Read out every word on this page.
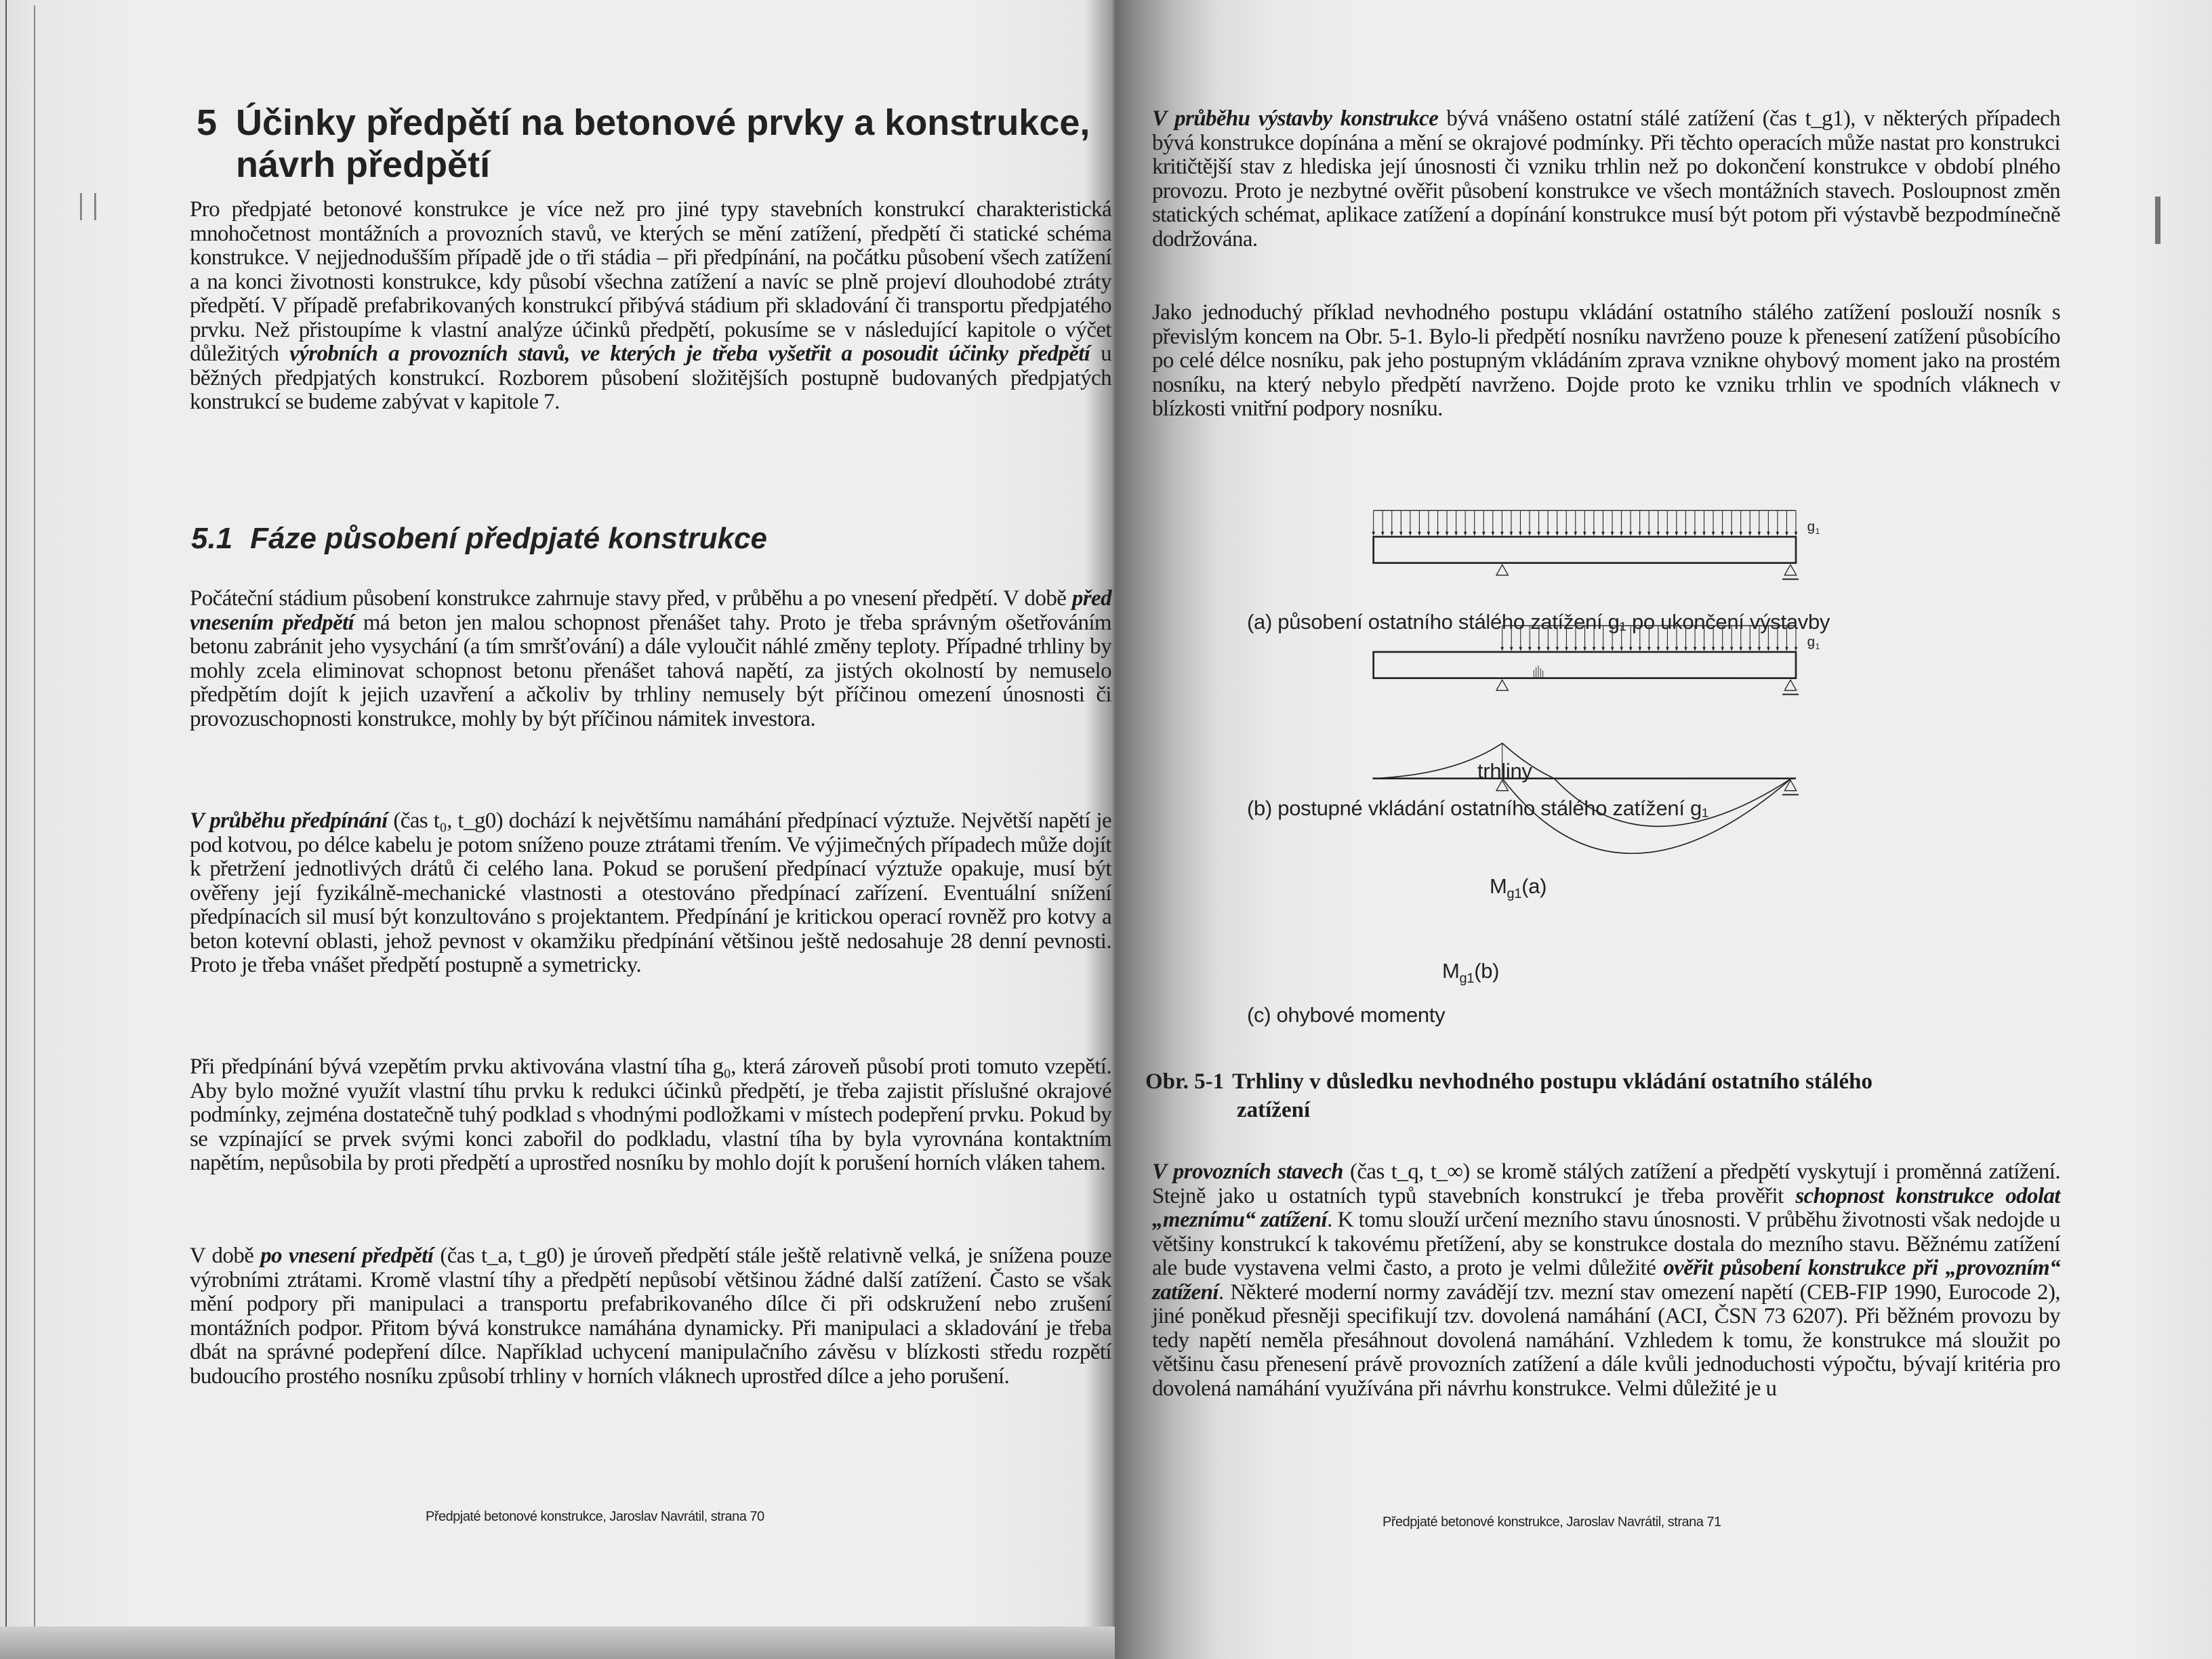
5 Účinky předpětí na betonové prvky a konstrukce, návrh předpětí
Pro předpjaté betonové konstrukce je více než pro jiné typy stavebních konstrukcí charakteristická mnohočetnost montážních a provozních stavů, ve kterých se mění zatížení, předpětí či statické schéma konstrukce. V nejjednodušším případě jde o tři stádia – při předpínání, na počátku působení všech zatížení a na konci životnosti konstrukce, kdy působí všechna zatížení a navíc se plně projeví dlouhodobé ztráty předpětí. V případě prefabrikovaných konstrukcí přibývá stádium při skladování či transportu předpjatého prvku. Než přistoupíme k vlastní analýze účinků předpětí, pokusíme se v následující kapitole o výčet důležitých výrobních a provozních stavů, ve kterých je třeba vyšetřit a posoudit účinky předpětí u běžných předpjatých konstrukcí. Rozborem působení složitějších postupně budovaných předpjatých konstrukcí se budeme zabývat v kapitole 7.
5.1 Fáze působení předpjaté konstrukce
Počáteční stádium působení konstrukce zahrnuje stavy před, v průběhu a po vnesení předpětí. V době před vnesením předpětí má beton jen malou schopnost přenášet tahy. Proto je třeba správným ošetřováním betonu zabránit jeho vysychání (a tím smršťování) a dále vyloučit náhlé změny teploty. Případné trhliny by mohly zcela eliminovat schopnost betonu přenášet tahová napětí, za jistých okolností by nemuselo předpětím dojít k jejich uzavření a ačkoliv by trhliny nemusely být příčinou omezení únosnosti či provozuschopnosti konstrukce, mohly by být příčinou námitek investora.
V průběhu předpínání (čas t₀, t_g0) dochází k největšímu namáhání předpínací výztuže. Největší napětí je pod kotvou, po délce kabelu je potom sníženo pouze ztrátami třením. Ve výjimečných případech může dojít k přetržení jednotlivých drátů či celého lana. Pokud se porušení předpínací výztuže opakuje, musí být ověřeny její fyzikálně-mechanické vlastnosti a otestováno předpínací zařízení. Eventuální snížení předpínacích sil musí být konzultováno s projektantem. Předpínání je kritickou operací rovněž pro kotvy a beton kotevní oblasti, jehož pevnost v okamžiku předpínání většinou ještě nedosahuje 28 denní pevnosti. Proto je třeba vnášet předpětí postupně a symetricky.
Při předpínání bývá vzepětím prvku aktivována vlastní tíha g₀, která zároveň působí proti tomuto vzepětí. Aby bylo možné využít vlastní tíhu prvku k redukci účinků předpětí, je třeba zajistit příslušné okrajové podmínky, zejména dostatečně tuhý podklad s vhodnými podložkami v místech podepření prvku. Pokud by se vzpínající se prvek svými konci zabořil do podkladu, vlastní tíha by byla vyrovnána kontaktním napětím, nepůsobila by proti předpětí a uprostřed nosníku by mohlo dojít k porušení horních vláken tahem.
V době po vnesení předpětí (čas t_a, t_g0) je úroveň předpětí stále ještě relativně velká, je snížena pouze výrobními ztrátami. Kromě vlastní tíhy a předpětí nepůsobí většinou žádné další zatížení. Často se však mění podpory při manipulaci a transportu prefabrikovaného dílce či při odskružení nebo zrušení montážních podpor. Přitom bývá konstrukce namáhána dynamicky. Při manipulaci a skladování je třeba dbát na správné podepření dílce. Například uchycení manipulačního závěsu v blízkosti středu rozpětí budoucího prostého nosníku způsobí trhliny v horních vláknech uprostřed dílce a jeho porušení.
Předpjaté betonové konstrukce, Jaroslav Navrátil, strana 70
V průběhu výstavby konstrukce bývá vnášeno ostatní stálé zatížení (čas t_g1), v některých případech bývá konstrukce dopínána a mění se okrajové podmínky. Při těchto operacích může nastat pro konstrukci kritičtější stav z hlediska její únosnosti či vzniku trhlin než po dokončení konstrukce v období plného provozu. Proto je nezbytné ověřit působení konstrukce ve všech montážních stavech. Posloupnost změn statických schémat, aplikace zatížení a dopínání konstrukce musí být potom při výstavbě bezpodmínečně dodržována.
Jako jednoduchý příklad nevhodného postupu vkládání ostatního stálého zatížení poslouží nosník s převislým koncem na Obr. 5-1. Bylo-li předpětí nosníku navrženo pouze k přenesení zatížení působícího po celé délce nosníku, pak jeho postupným vkládáním zprava vznikne ohybový moment jako na prostém nosníku, na který nebylo předpětí navrženo. Dojde proto ke vzniku trhlin ve spodních vláknech v blízkosti vnitřní podpory nosníku.
g 1
g 1
(a) působení ostatního stálého zatížení g₁ po ukončení výstavby
trhliny
(b) postupné vkládání ostatního stálého zatížení g₁
$M_{g1}(a)$
$M_{g1}(b)$
(c) ohybové momenty
Obr. 5-1 Trhliny v důsledku nevhodného postupu vkládání ostatního stálého
zatížení
V provozních stavech (čas t_q, t_∞) se kromě stálých zatížení a předpětí vyskytují i proměnná zatížení. Stejně jako u ostatních typů stavebních konstrukcí je třeba prověřit schopnost konstrukce odolat „meznímu“ zatížení. K tomu slouží určení mezního stavu únosnosti. V průběhu životnosti však nedojde u většiny konstrukcí k takovému přetížení, aby se konstrukce dostala do mezního stavu. Běžnému zatížení ale bude vystavena velmi často, a proto je velmi důležité ověřit působení konstrukce při „provozním“ zatížení. Některé moderní normy zavádějí tzv. mezní stav omezení napětí (CEB-FIP 1990, Eurocode 2), jiné poněkud přesněji specifikují tzv. dovolená namáhání (ACI, ČSN 73 6207). Při běžném provozu by tedy napětí neměla přesáhnout dovolená namáhání. Vzhledem k tomu, že konstrukce má sloužit po většinu času přenesení právě provozních zatížení a dále kvůli jednoduchosti výpočtu, bývají kritéria pro dovolená namáhání využívána při návrhu konstrukce. Velmi důležité je u
Předpjaté betonové konstrukce, Jaroslav Navrátil, strana 71
